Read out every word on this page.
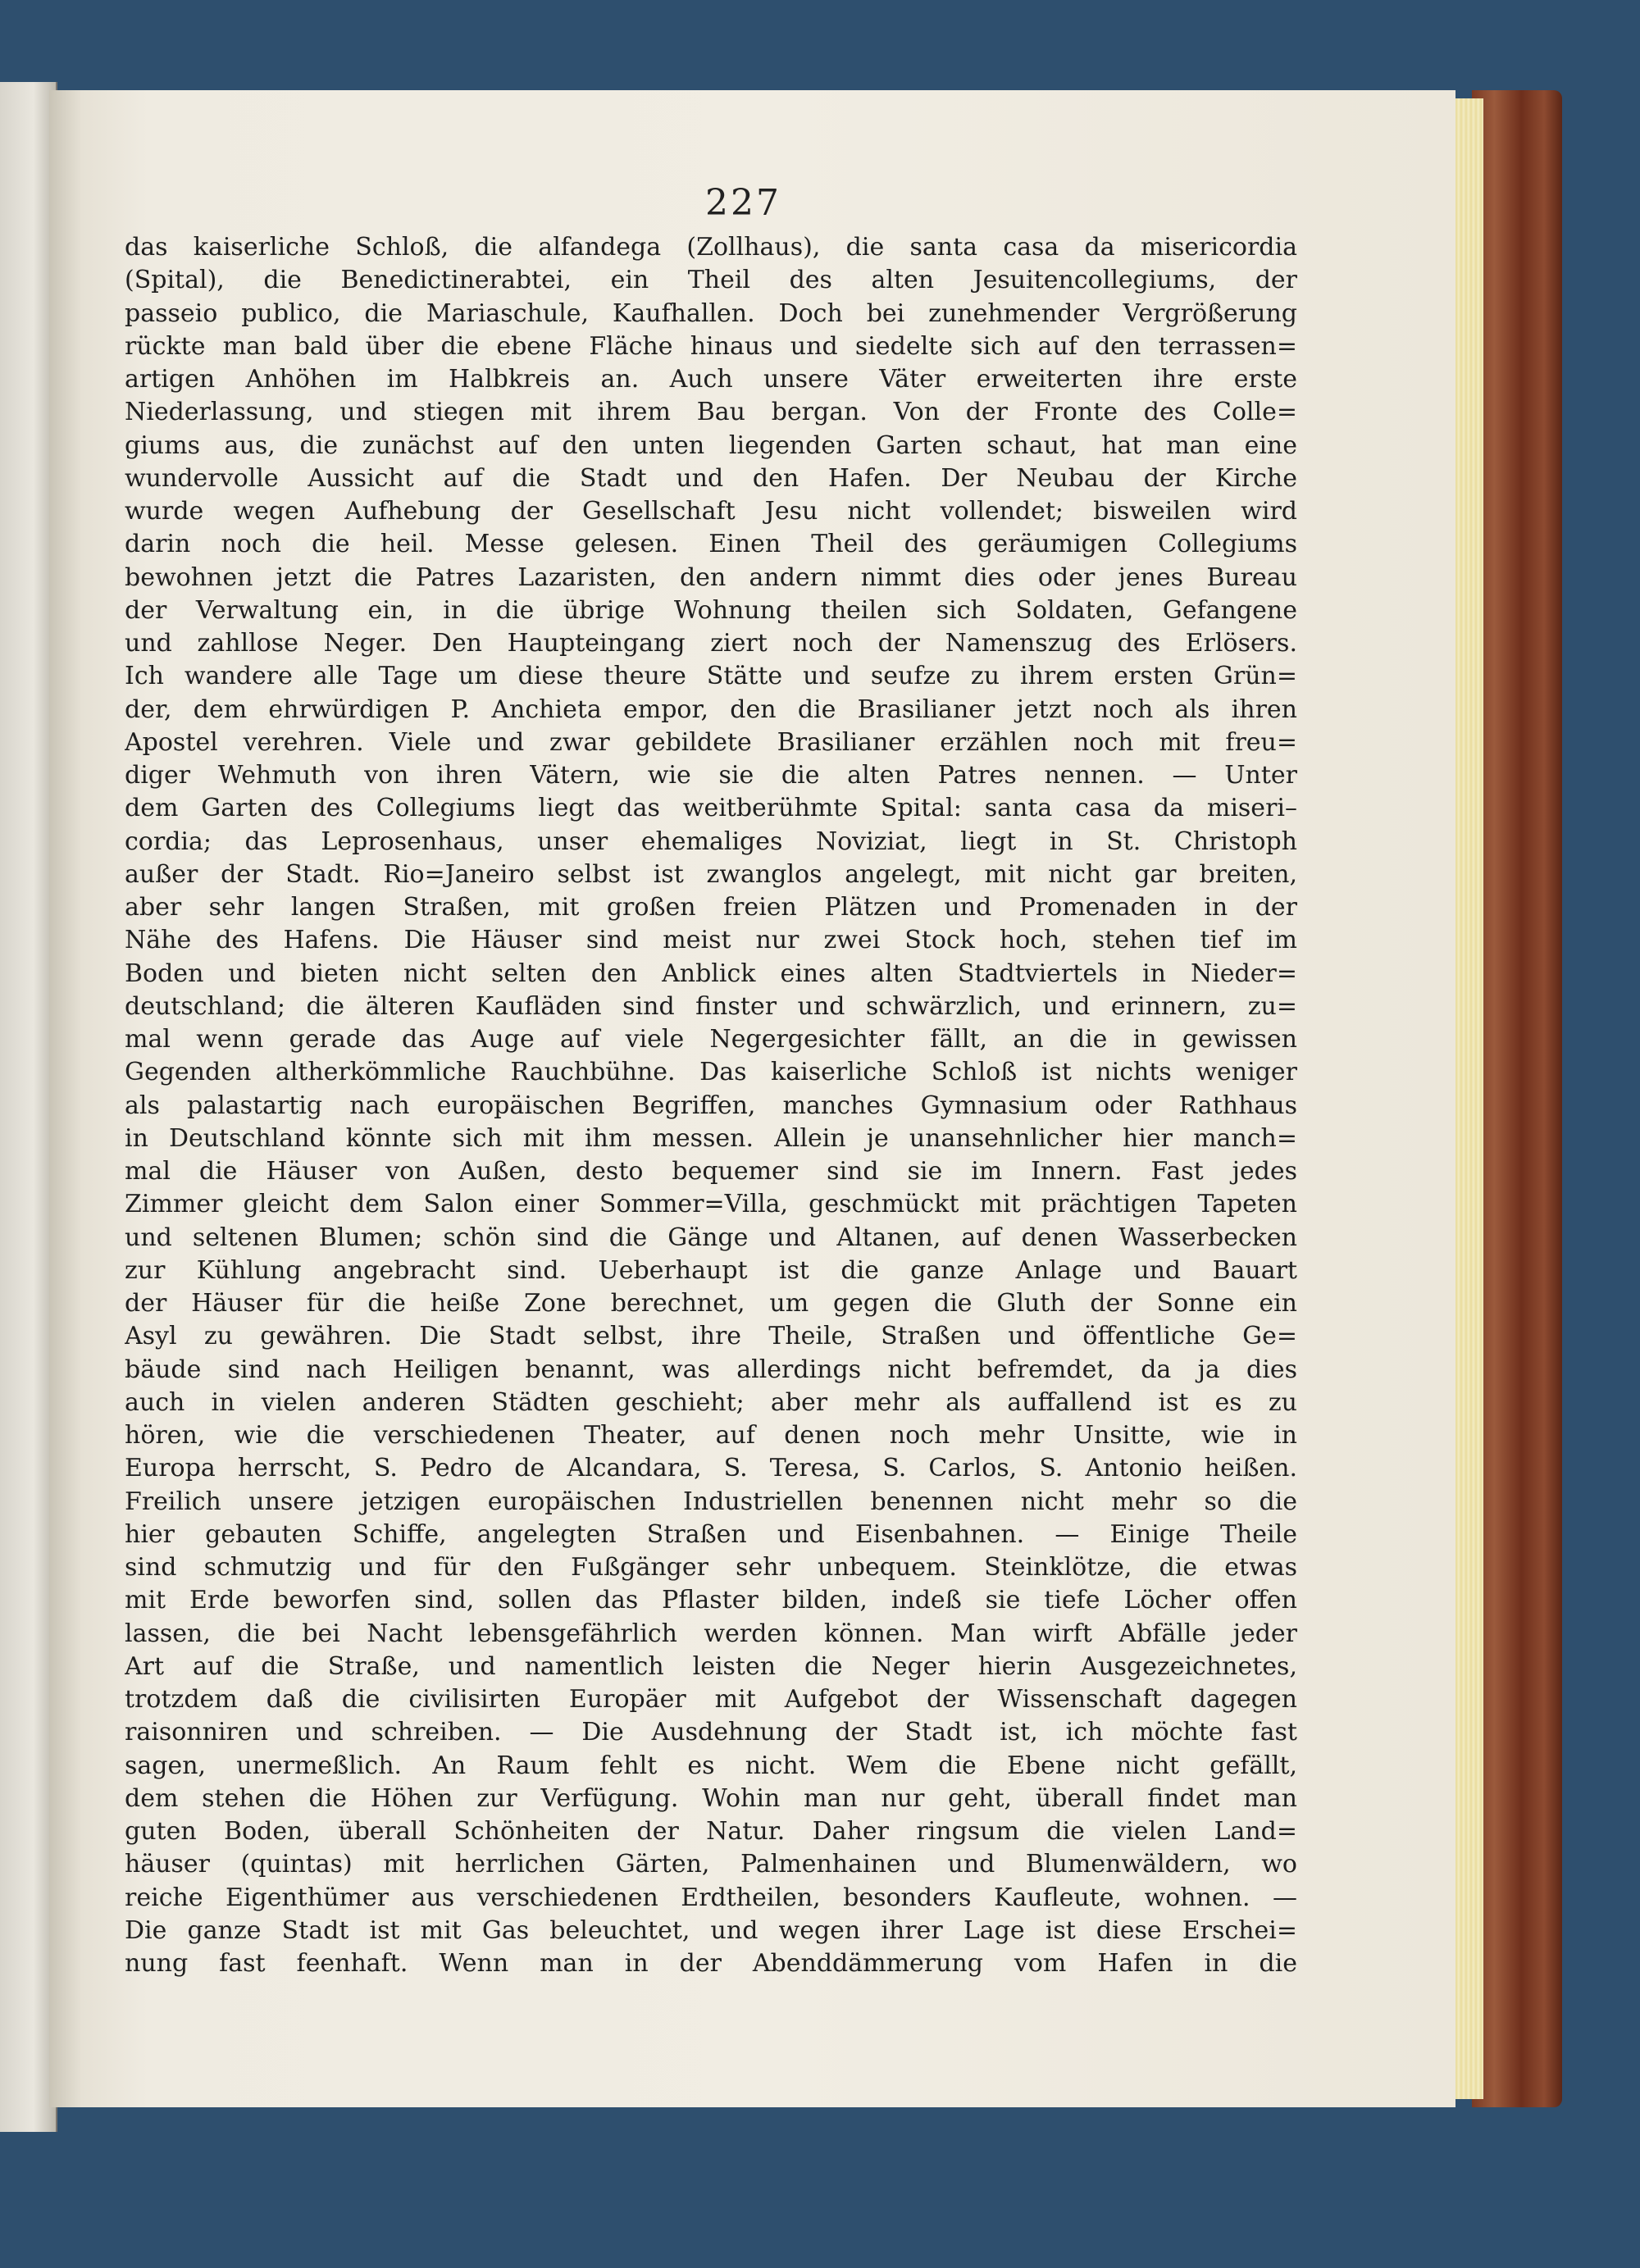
227
das kaiserliche Schloß, die alfandega (Zollhaus), die santa casa da misericordia
(Spital), die Benedictinerabtei, ein Theil des alten Jesuitencollegiums, der
passeio publico, die Mariaschule, Kaufhallen. Doch bei zunehmender Vergrößerung
rückte man bald über die ebene Fläche hinaus und siedelte sich auf den terrassen=
artigen Anhöhen im Halbkreis an. Auch unsere Väter erweiterten ihre erste
Niederlassung, und stiegen mit ihrem Bau bergan. Von der Fronte des Colle=
giums aus, die zunächst auf den unten liegenden Garten schaut, hat man eine
wundervolle Aussicht auf die Stadt und den Hafen. Der Neubau der Kirche
wurde wegen Aufhebung der Gesellschaft Jesu nicht vollendet; bisweilen wird
darin noch die heil. Messe gelesen. Einen Theil des geräumigen Collegiums
bewohnen jetzt die Patres Lazaristen, den andern nimmt dies oder jenes Bureau
der Verwaltung ein, in die übrige Wohnung theilen sich Soldaten, Gefangene
und zahllose Neger. Den Haupteingang ziert noch der Namenszug des Erlösers.
Ich wandere alle Tage um diese theure Stätte und seufze zu ihrem ersten Grün=
der, dem ehrwürdigen P. Anchieta empor, den die Brasilianer jetzt noch als ihren
Apostel verehren. Viele und zwar gebildete Brasilianer erzählen noch mit freu=
diger Wehmuth von ihren Vätern, wie sie die alten Patres nennen. — Unter
dem Garten des Collegiums liegt das weitberühmte Spital: santa casa da miseri–
cordia; das Leprosenhaus, unser ehemaliges Noviziat, liegt in St. Christoph
außer der Stadt. Rio=Janeiro selbst ist zwanglos angelegt, mit nicht gar breiten,
aber sehr langen Straßen, mit großen freien Plätzen und Promenaden in der
Nähe des Hafens. Die Häuser sind meist nur zwei Stock hoch, stehen tief im
Boden und bieten nicht selten den Anblick eines alten Stadtviertels in Nieder=
deutschland; die älteren Kaufläden sind finster und schwärzlich, und erinnern, zu=
mal wenn gerade das Auge auf viele Negergesichter fällt, an die in gewissen
Gegenden altherkömmliche Rauchbühne. Das kaiserliche Schloß ist nichts weniger
als palastartig nach europäischen Begriffen, manches Gymnasium oder Rathhaus
in Deutschland könnte sich mit ihm messen. Allein je unansehnlicher hier manch=
mal die Häuser von Außen, desto bequemer sind sie im Innern. Fast jedes
Zimmer gleicht dem Salon einer Sommer=Villa, geschmückt mit prächtigen Tapeten
und seltenen Blumen; schön sind die Gänge und Altanen, auf denen Wasserbecken
zur Kühlung angebracht sind. Ueberhaupt ist die ganze Anlage und Bauart
der Häuser für die heiße Zone berechnet, um gegen die Gluth der Sonne ein
Asyl zu gewähren. Die Stadt selbst, ihre Theile, Straßen und öffentliche Ge=
bäude sind nach Heiligen benannt, was allerdings nicht befremdet, da ja dies
auch in vielen anderen Städten geschieht; aber mehr als auffallend ist es zu
hören, wie die verschiedenen Theater, auf denen noch mehr Unsitte, wie in
Europa herrscht, S. Pedro de Alcandara, S. Teresa, S. Carlos, S. Antonio heißen.
Freilich unsere jetzigen europäischen Industriellen benennen nicht mehr so die
hier gebauten Schiffe, angelegten Straßen und Eisenbahnen. — Einige Theile
sind schmutzig und für den Fußgänger sehr unbequem. Steinklötze, die etwas
mit Erde beworfen sind, sollen das Pflaster bilden, indeß sie tiefe Löcher offen
lassen, die bei Nacht lebensgefährlich werden können. Man wirft Abfälle jeder
Art auf die Straße, und namentlich leisten die Neger hierin Ausgezeichnetes,
trotzdem daß die civilisirten Europäer mit Aufgebot der Wissenschaft dagegen
raisonniren und schreiben. — Die Ausdehnung der Stadt ist, ich möchte fast
sagen, unermeßlich. An Raum fehlt es nicht. Wem die Ebene nicht gefällt,
dem stehen die Höhen zur Verfügung. Wohin man nur geht, überall findet man
guten Boden, überall Schönheiten der Natur. Daher ringsum die vielen Land=
häuser (quintas) mit herrlichen Gärten, Palmenhainen und Blumenwäldern, wo
reiche Eigenthümer aus verschiedenen Erdtheilen, besonders Kaufleute, wohnen. —
Die ganze Stadt ist mit Gas beleuchtet, und wegen ihrer Lage ist diese Erschei=
nung fast feenhaft. Wenn man in der Abenddämmerung vom Hafen in die
